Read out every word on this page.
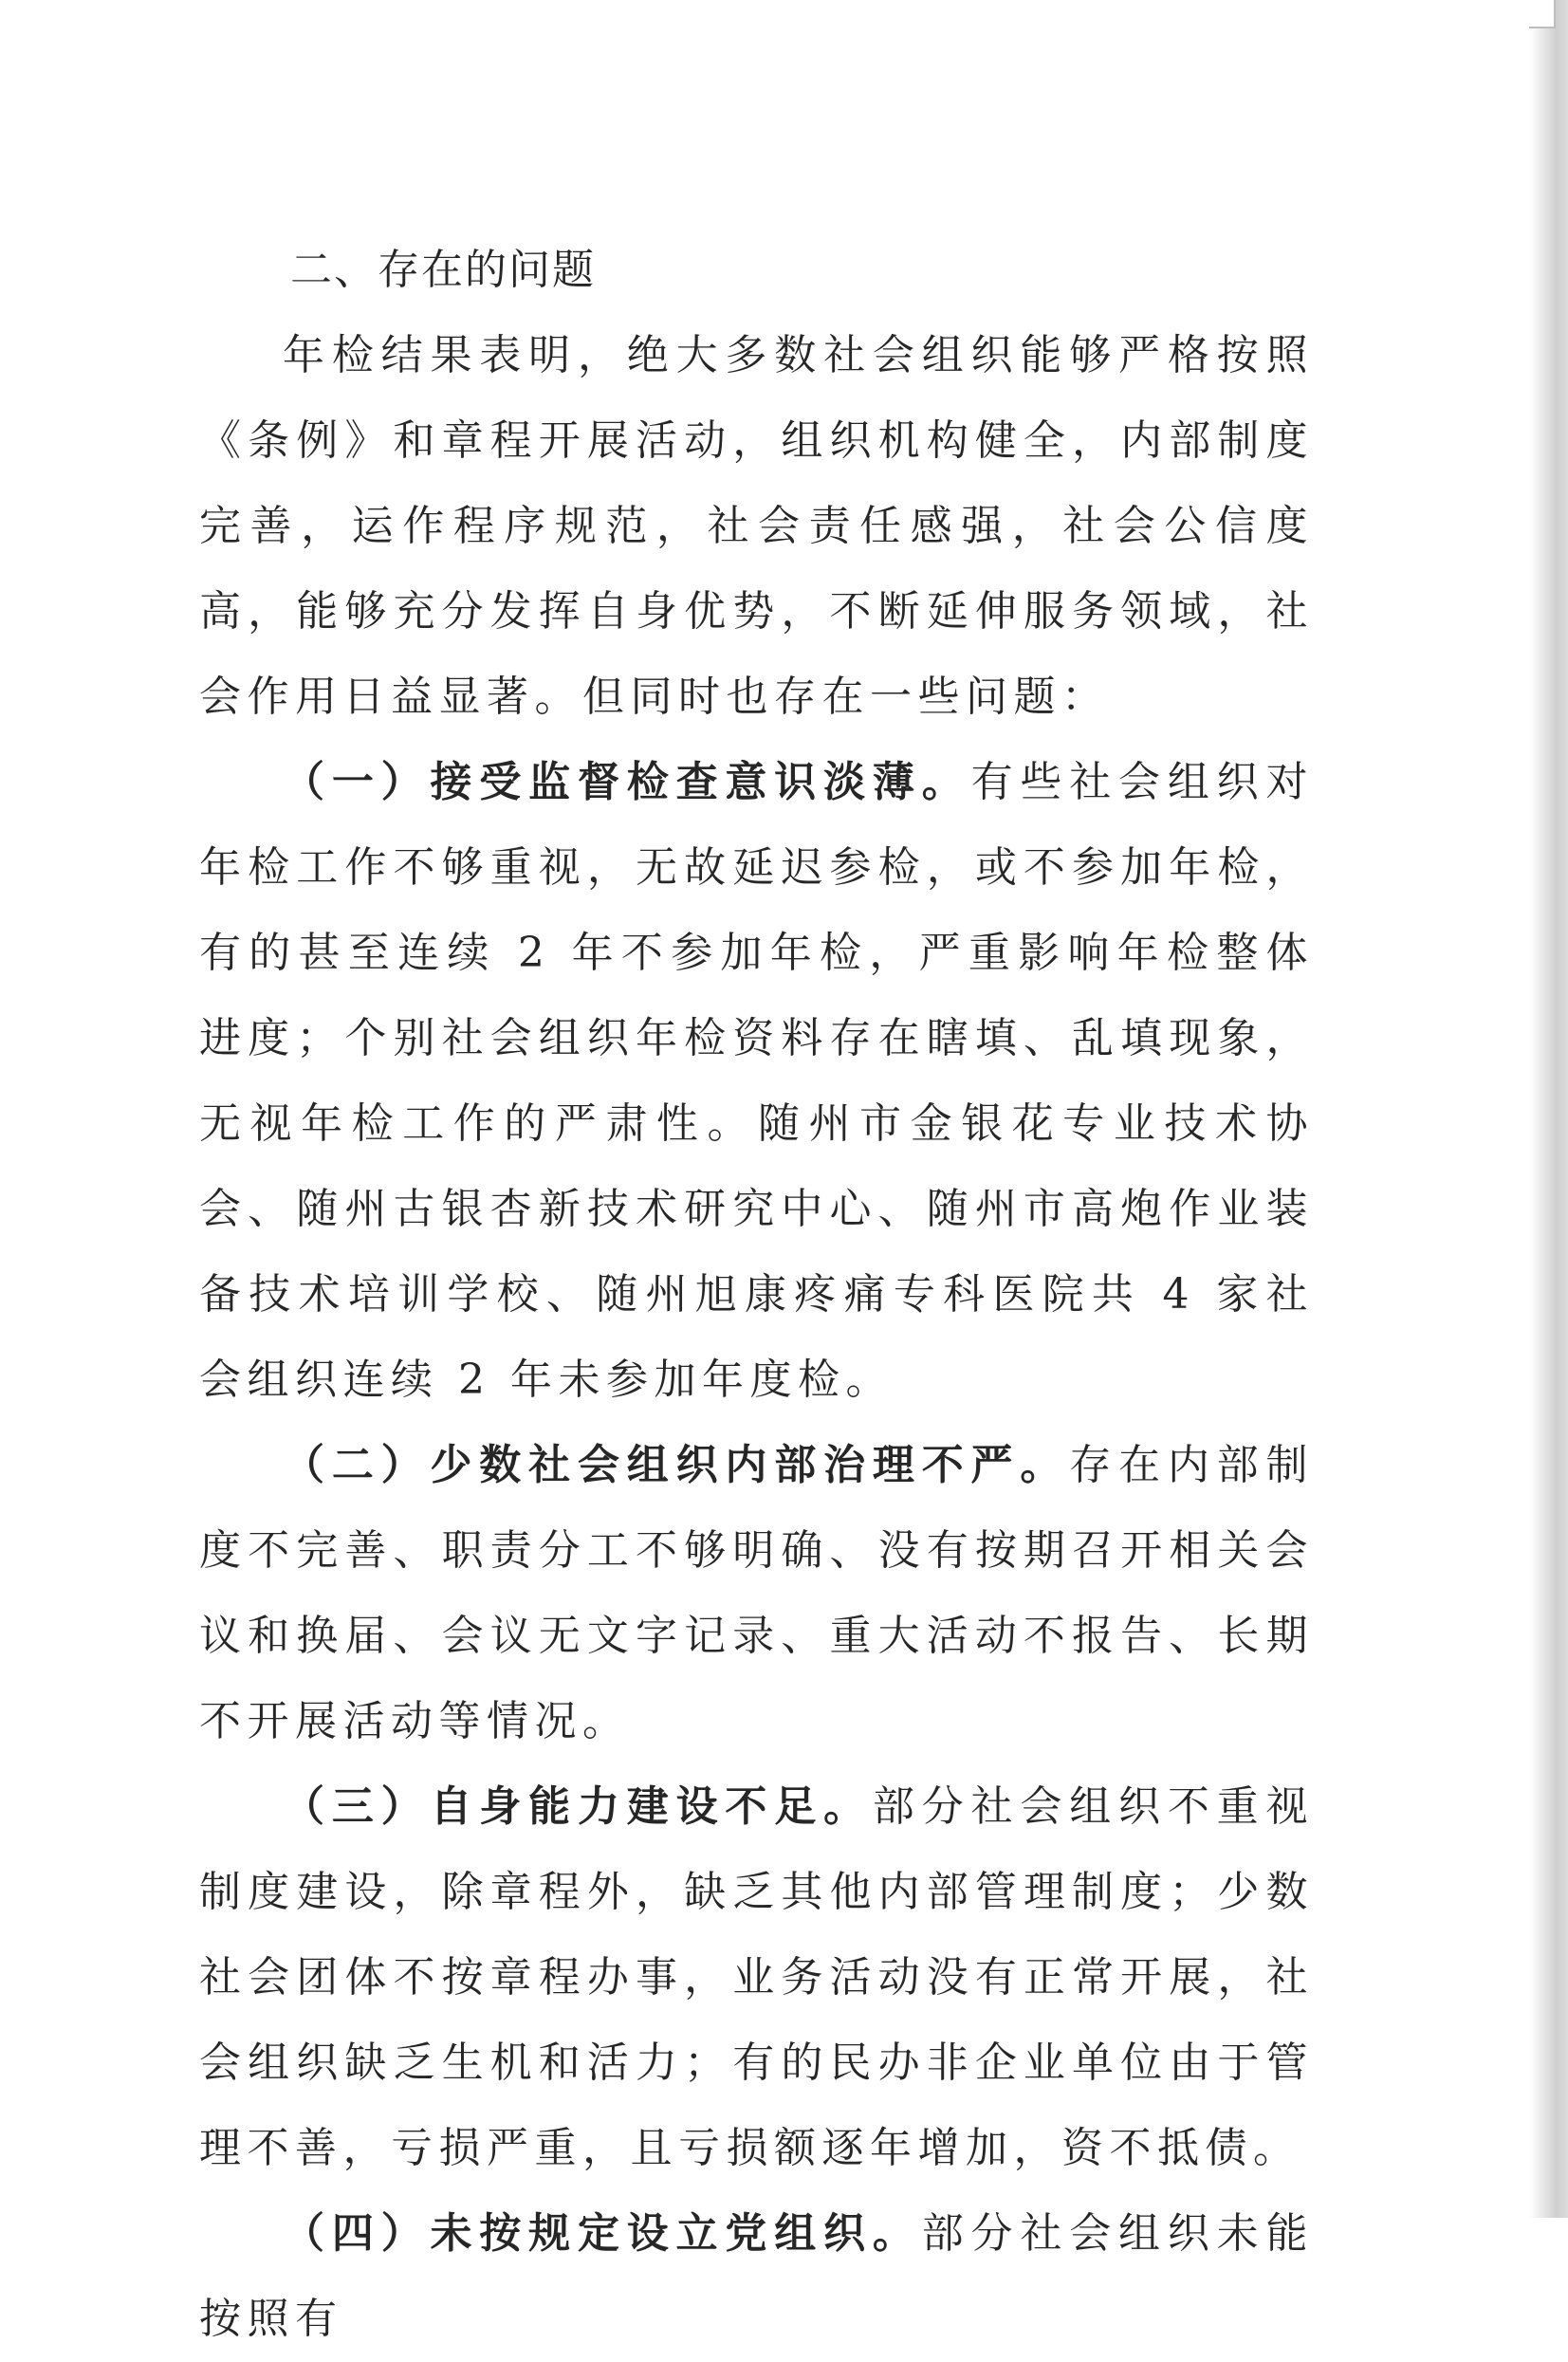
二、存在的问题

年检结果表明，绝大多数社会组织能够严格按照《条例》和章程开展活动，组织机构健全，内部制度完善，运作程序规范，社会责任感强，社会公信度高，能够充分发挥自身优势，不断延伸服务领域，社会作用日益显著。但同时也存在一些问题：

（一）接受监督检查意识淡薄。有些社会组织对年检工作不够重视，无故延迟参检，或不参加年检，有的甚至连续 2 年不参加年检，严重影响年检整体进度；个别社会组织年检资料存在瞎填、乱填现象，无视年检工作的严肃性。随州市金银花专业技术协会、随州古银杏新技术研究中心、随州市高炮作业装备技术培训学校、随州旭康疼痛专科医院共 4 家社会组织连续 2 年未参加年度检。

（二）少数社会组织内部治理不严。存在内部制度不完善、职责分工不够明确、没有按期召开相关会议和换届、会议无文字记录、重大活动不报告、长期不开展活动等情况。

（三）自身能力建设不足。部分社会组织不重视制度建设，除章程外，缺乏其他内部管理制度；少数社会团体不按章程办事，业务活动没有正常开展，社会组织缺乏生机和活力；有的民办非企业单位由于管理不善，亏损严重，且亏损额逐年增加，资不抵债。

（四）未按规定设立党组织。部分社会组织未能按照有
